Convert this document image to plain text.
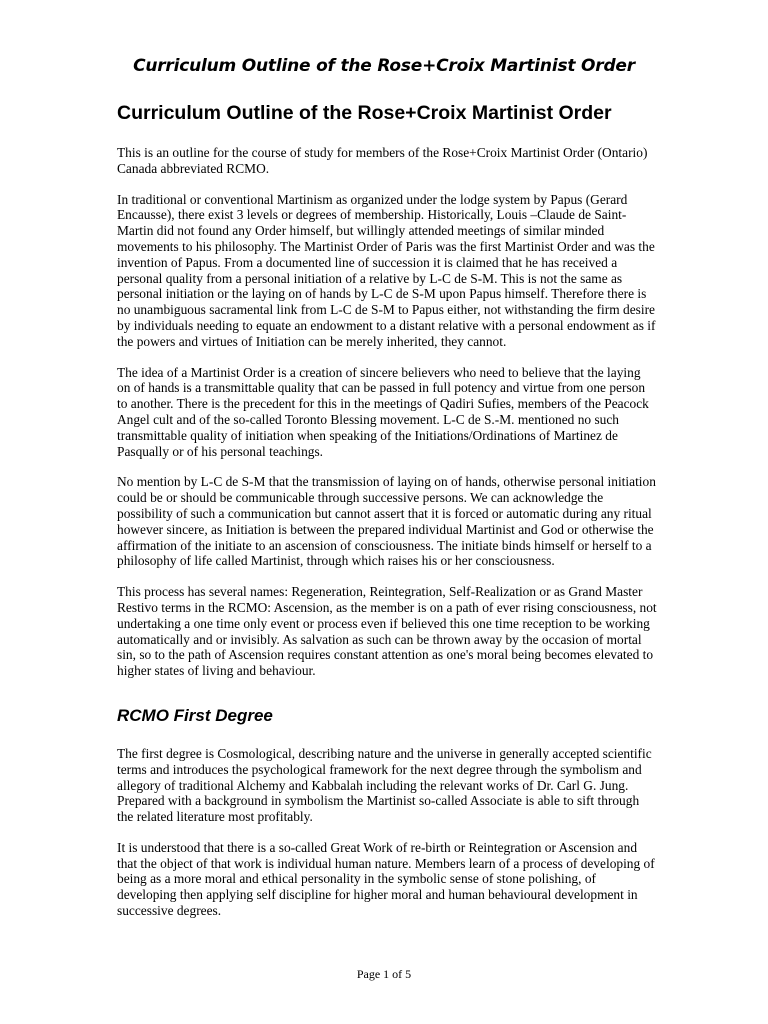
Curriculum Outline of the Rose+Croix Martinist Order
Curriculum Outline of the Rose+Croix Martinist Order

This is an outline for the course of study for members of the Rose+Croix Martinist Order (Ontario) Canada abbreviated RCMO.

In traditional or conventional Martinism as organized under the lodge system by Papus (Gerard Encausse), there exist 3 levels or degrees of membership. Historically, Louis –Claude de Saint-Martin did not found any Order himself, but willingly attended meetings of similar minded movements to his philosophy. The Martinist Order of Paris was the first Martinist Order and was the invention of Papus. From a documented line of succession it is claimed that he has received a personal quality from a personal initiation of a relative by L-C de S-M. This is not the same as personal initiation or the laying on of hands by L-C de S-M upon Papus himself. Therefore there is no unambiguous sacramental link from L-C de S-M to Papus either, not withstanding the firm desire by individuals needing to equate an endowment to a distant relative with a personal endowment as if the powers and virtues of Initiation can be merely inherited, they cannot.

The idea of a Martinist Order is a creation of sincere believers who need to believe that the laying on of hands is a transmittable quality that can be passed in full potency and virtue from one person to another. There is the precedent for this in the meetings of Qadiri Sufies, members of the Peacock Angel cult and of the so-called Toronto Blessing movement. L-C de S.-M. mentioned no such transmittable quality of initiation when speaking of the Initiations/Ordinations of Martinez de Pasqually or of his personal teachings.

No mention by L-C de S-M that the transmission of laying on of hands, otherwise personal initiation could be or should be communicable through successive persons. We can acknowledge the possibility of such a communication but cannot assert that it is forced or automatic during any ritual however sincere, as Initiation is between the prepared individual Martinist and God or otherwise the affirmation of the initiate to an ascension of consciousness. The initiate binds himself or herself to a philosophy of life called Martinist, through which raises his or her consciousness.

This process has several names: Regeneration, Reintegration, Self-Realization or as Grand Master Restivo terms in the RCMO: Ascension, as the member is on a path of ever rising consciousness, not undertaking a one time only event or process even if believed this one time reception to be working automatically and or invisibly. As salvation as such can be thrown away by the occasion of mortal sin, so to the path of Ascension requires constant attention as one's moral being becomes elevated to higher states of living and behaviour.

RCMO First Degree

The first degree is Cosmological, describing nature and the universe in generally accepted scientific terms and introduces the psychological framework for the next degree through the symbolism and allegory of traditional Alchemy and Kabbalah including the relevant works of Dr. Carl G. Jung. Prepared with a background in symbolism the Martinist so-called Associate is able to sift through the related literature most profitably.

It is understood that there is a so-called Great Work of re-birth or Reintegration or Ascension and that the object of that work is individual human nature. Members learn of a process of developing of being as a more moral and ethical personality in the symbolic sense of stone polishing, of developing then applying self discipline for higher moral and human behavioural development in successive degrees.

Page 1 of 5
